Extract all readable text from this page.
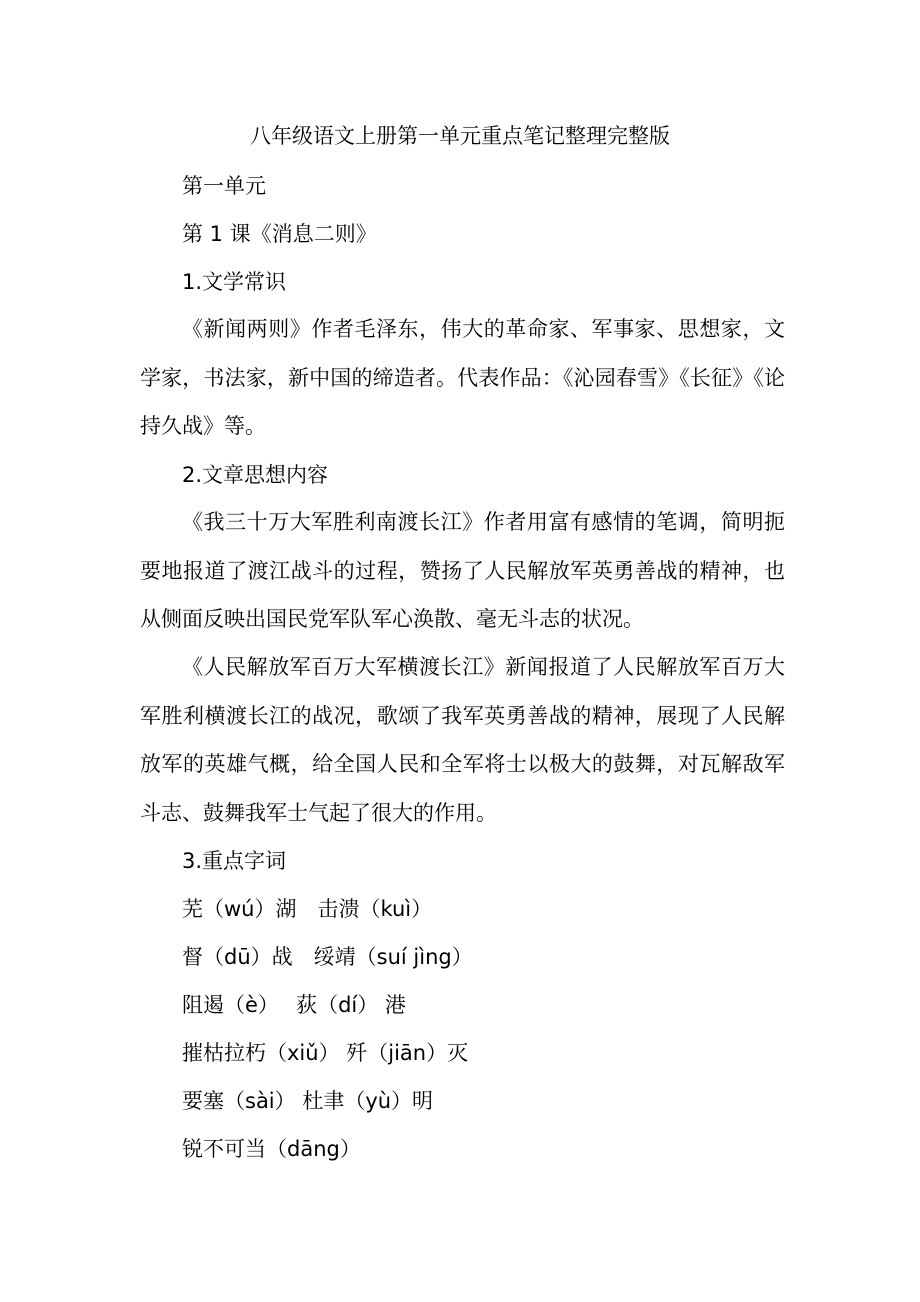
八年级语文上册第一单元重点笔记整理完整版

第一单元

第 1 课《消息二则》

1.文学常识

《新闻两则》作者毛泽东，伟大的革命家、军事家、思想家，文学家，书法家，新中国的缔造者。代表作品：《沁园春雪》《长征》《论持久战》等。

2.文章思想内容

《我三十万大军胜利南渡长江》作者用富有感情的笔调，简明扼要地报道了渡江战斗的过程，赞扬了人民解放军英勇善战的精神，也从侧面反映出国民党军队军心涣散、毫无斗志的状况。

《人民解放军百万大军横渡长江》新闻报道了人民解放军百万大军胜利横渡长江的战况，歌颂了我军英勇善战的精神，展现了人民解放军的英雄气概，给全国人民和全军将士以极大的鼓舞，对瓦解敌军斗志、鼓舞我军士气起了很大的作用。

3.重点字词

芜（wú）湖　击溃（kuì）

督（dū）战　绥靖（suí jìng）

阻遏（è）　 荻（dí） 港

摧枯拉朽（xiǔ） 歼（jiān）灭

要塞（sài） 杜聿（yù）明

锐不可当（dāng）
